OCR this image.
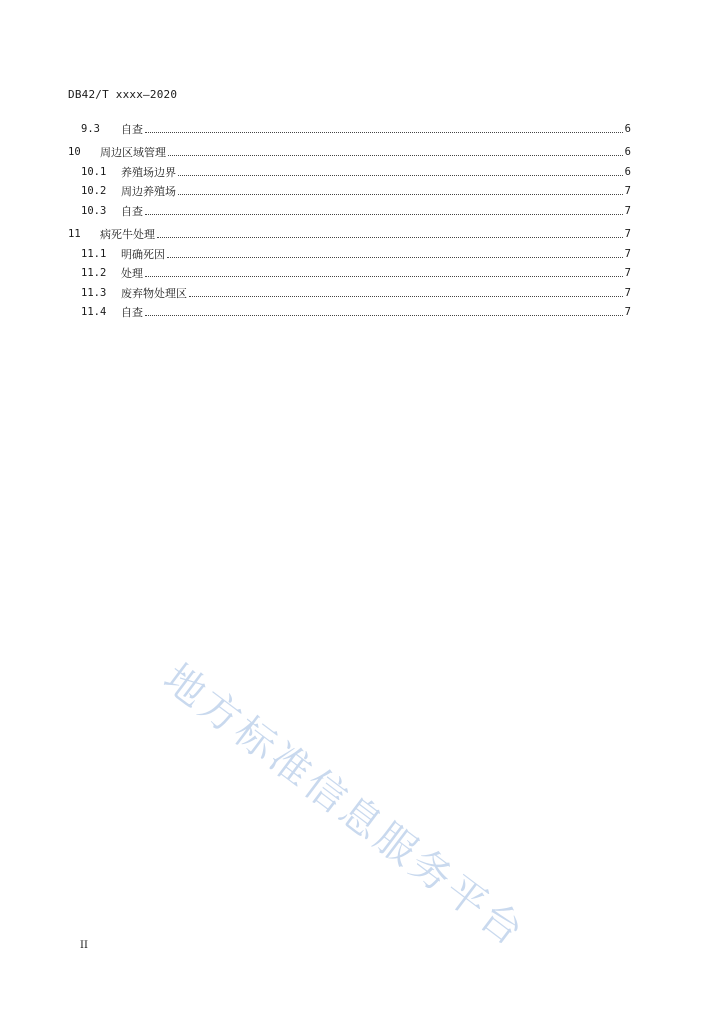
DB42/T xxxx—2020
9.3	自查	6
10	周边区域管理	6
10.1	养殖场边界	6
10.2	周边养殖场	7
10.3	自查	7
11	病死牛处理	7
11.1	明确死因	7
11.2	处理	7
11.3	废弃物处理区	7
11.4	自查	7
地方标准信息服务平台
II
